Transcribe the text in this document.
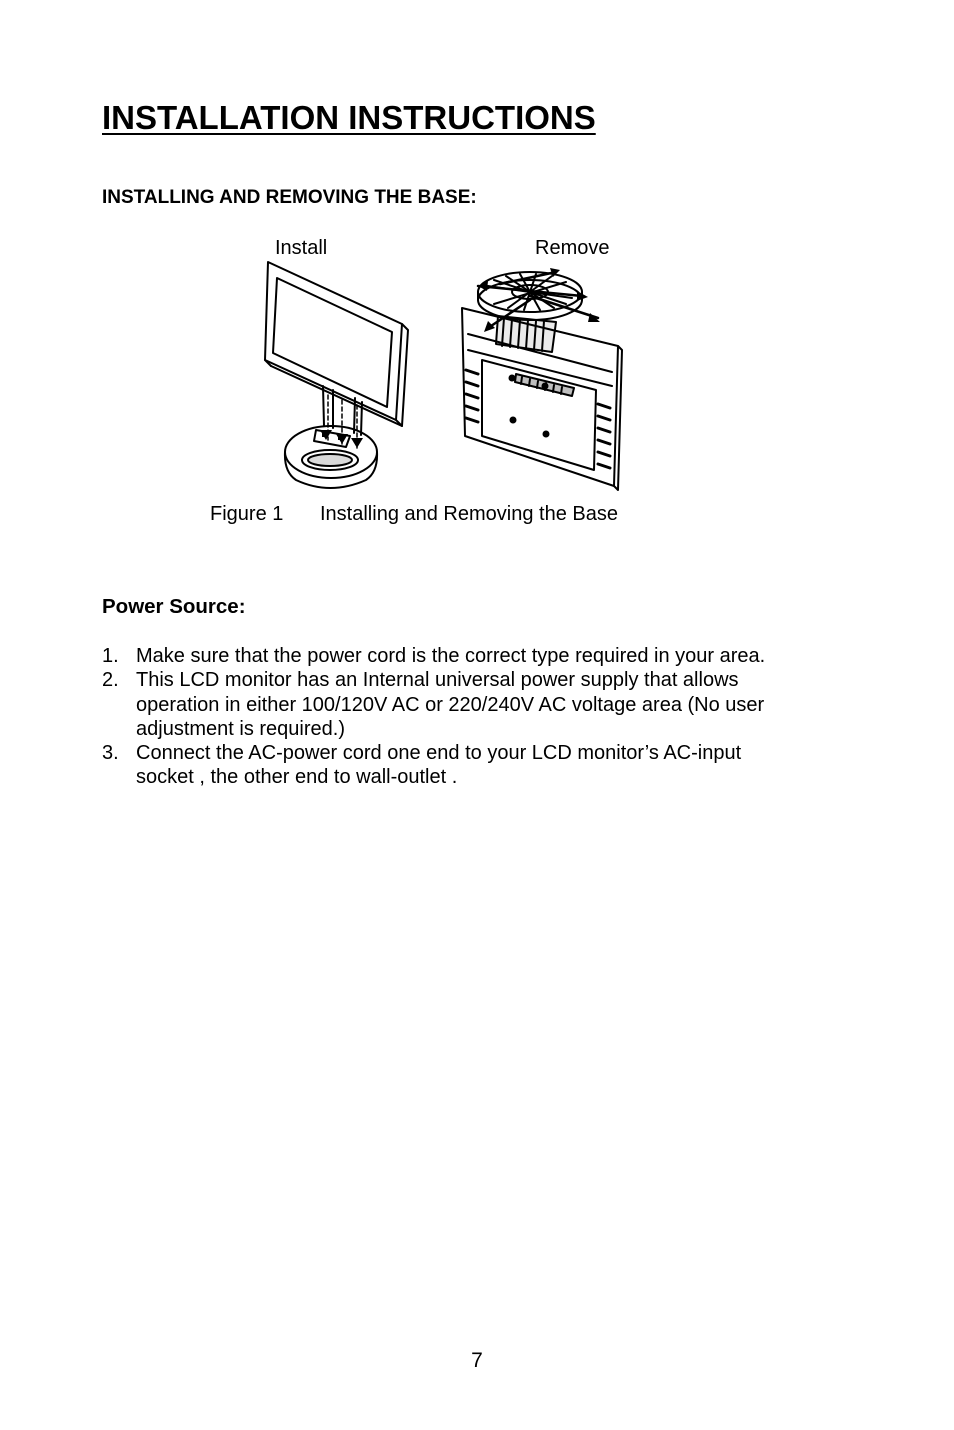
INSTALLATION INSTRUCTIONS
INSTALLING AND REMOVING THE BASE:
Install	Remove
Figure 1 Installing and Removing the Base
Power Source:
1. Make sure that the power cord is the correct type required in your area.
2. This LCD monitor has an Internal universal power supply that allows
operation in either 100/120V AC or 220/240V AC voltage area (No user
adjustment is required.)
3. Connect the AC-power cord one end to your LCD monitor’s AC-input
socket , the other end to wall-outlet .
7
